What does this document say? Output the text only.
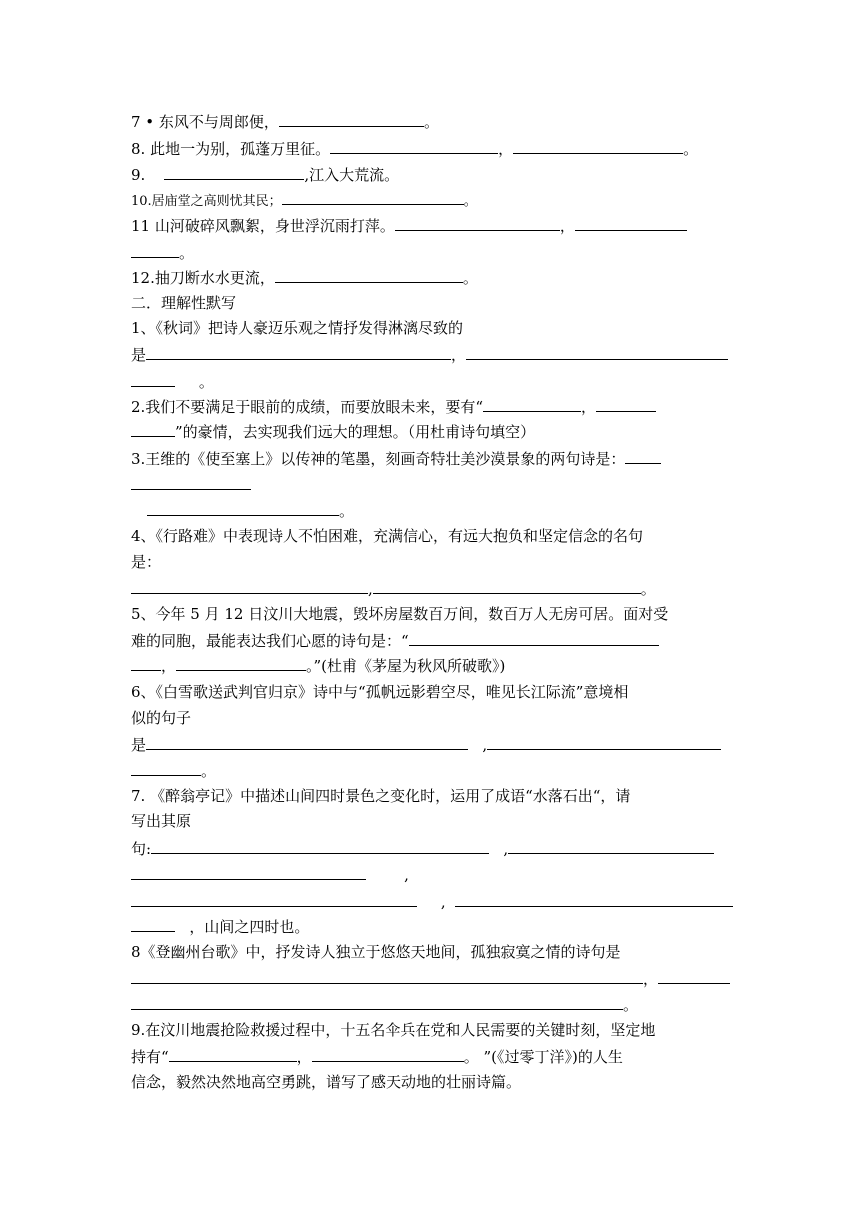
7 • 东风不与周郎便，	。
8. 此地一为别，孤蓬万里征。	，	。
9.	,江入大荒流。
10.居庙堂之高则忧其民；	。
11 山河破碎风飘絮，身世浮沉雨打萍。	，
。
12.抽刀断水水更流，	。
二．理解性默写
1、《秋词》把诗人豪迈乐观之情抒发得淋漓尽致的
是	，
。
2.我们不要满足于眼前的成绩，而要放眼未来，要有“	，
”的豪情，去实现我们远大的理想。（用杜甫诗句填空）
3.王维的《使至塞上》以传神的笔墨，刻画奇特壮美沙漠景象的两句诗是：
。
4、《行路难》中表现诗人不怕困难，充满信心，有远大抱负和坚定信念的名句
是：
,	。
5、今年 5 月 12 日汶川大地震，毁坏房屋数百万间，数百万人无房可居。面对受
难的同胞，最能表达我们心愿的诗句是：“
，	。”(杜甫《茅屋为秋风所破歌》)
6、《白雪歌送武判官归京》诗中与“孤帆远影碧空尽，唯见长江际流”意境相
似的句子
是	,
。
7. 《醉翁亭记》中描述山间四时景色之变化时，运用了成语“水落石出“，请
写出其原
句:	,
,
,
，山间之四时也。
8《登幽州台歌》中，抒发诗人独立于悠悠天地间，孤独寂寞之情的诗句是
，
。
9.在汶川地震抢险救援过程中，十五名伞兵在党和人民需要的关键时刻，坚定地
持有“	，	。 ”(《过零丁洋》)的人生
信念，毅然决然地高空勇跳，谱写了感天动地的壮丽诗篇。
